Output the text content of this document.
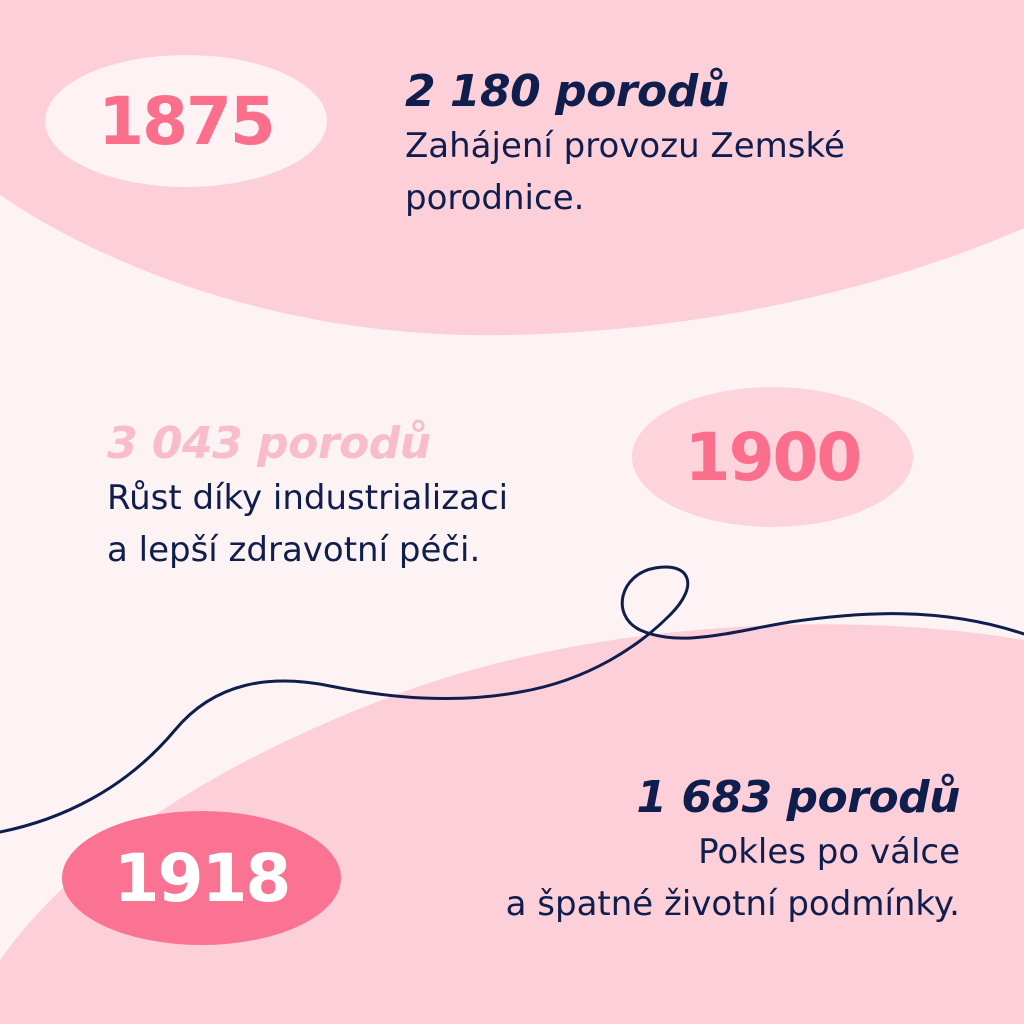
1875	2 180 porodů
Zahájení provozu Zemské
porodnice.
3 043 porodů
Růst díky industrializaci
a lepší zdravotní péči.
1900
1 683 porodů
Pokles po válce
a špatné životní podmínky.
1918
